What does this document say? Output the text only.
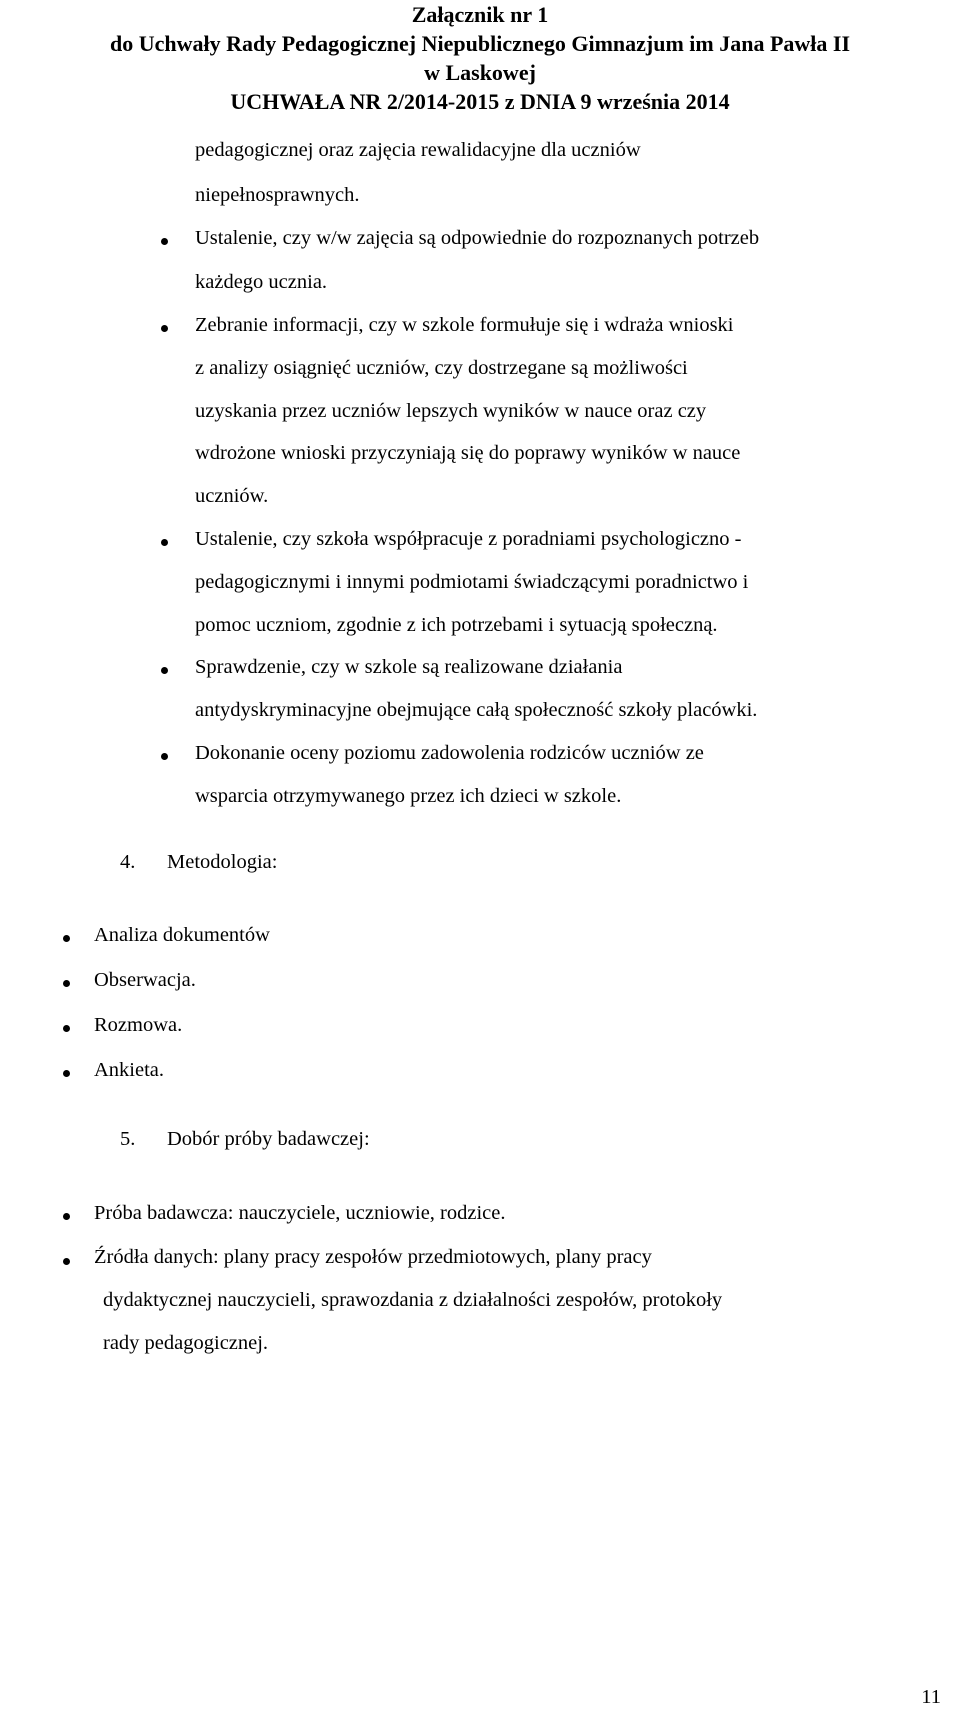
Załącznik nr 1
do Uchwały Rady Pedagogicznej Niepublicznego Gimnazjum im Jana Pawła II
w Laskowej
UCHWAŁA NR 2/2014-2015 z DNIA 9 września 2014
pedagogicznej oraz zajęcia rewalidacyjne dla uczniów
niepełnosprawnych.
Ustalenie, czy w/w zajęcia są odpowiednie do rozpoznanych potrzeb
każdego ucznia.
Zebranie informacji, czy w szkole formułuje się i wdraża wnioski
z analizy osiągnięć uczniów, czy dostrzegane są możliwości
uzyskania przez uczniów lepszych wyników w nauce oraz czy
wdrożone wnioski przyczyniają się do poprawy wyników w nauce
uczniów.
Ustalenie, czy szkoła współpracuje z poradniami psychologiczno -
pedagogicznymi i innymi podmiotami świadczącymi poradnictwo i
pomoc uczniom, zgodnie z ich potrzebami i sytuacją społeczną.
Sprawdzenie, czy w szkole są realizowane działania
antydyskryminacyjne obejmujące całą społeczność szkoły placówki.
Dokonanie oceny poziomu zadowolenia rodziców uczniów ze
wsparcia otrzymywanego przez ich dzieci w szkole.
4. Metodologia:
Analiza dokumentów
Obserwacja.
Rozmowa.
Ankieta.
5. Dobór próby badawczej:
Próba badawcza: nauczyciele, uczniowie, rodzice.
Źródła danych: plany pracy zespołów przedmiotowych, plany pracy
dydaktycznej nauczycieli, sprawozdania z działalności zespołów, protokoły
rady pedagogicznej.
11
